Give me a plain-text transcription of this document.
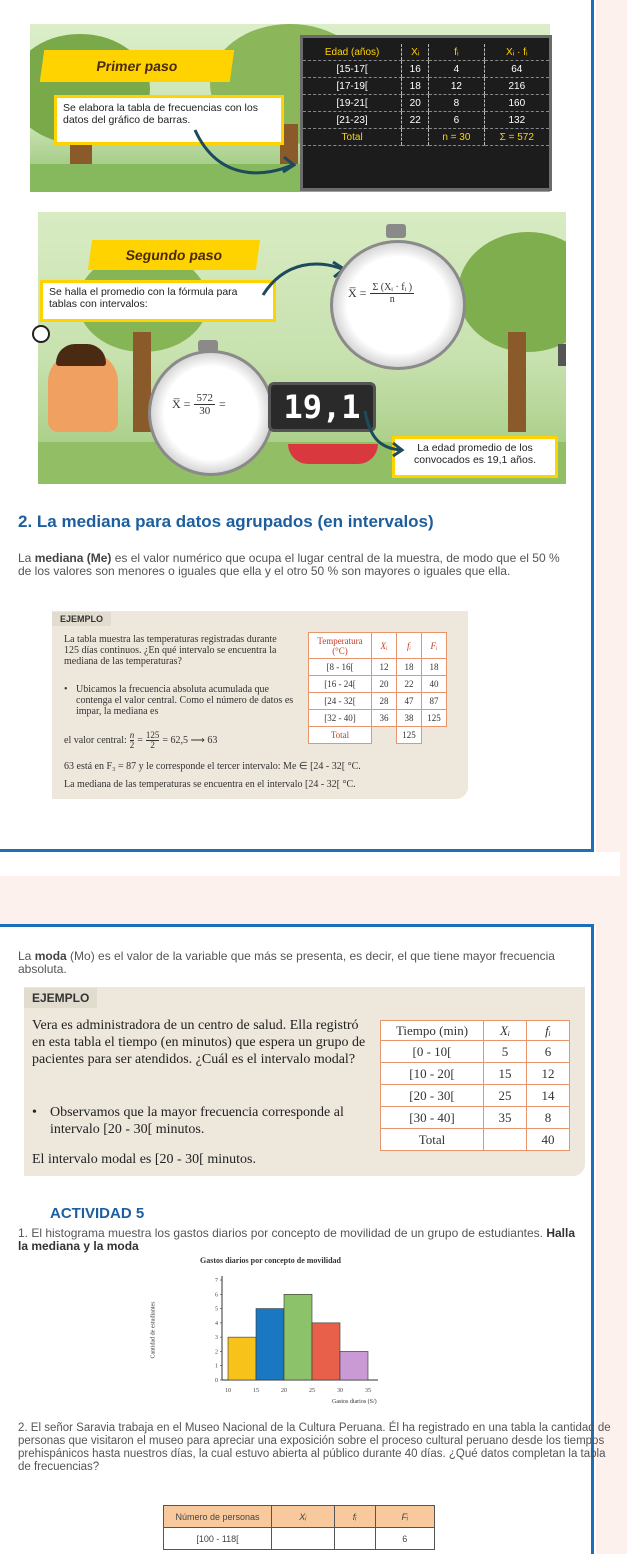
Primer paso
Se elabora la tabla de frecuencias con los datos del gráfico de barras.
Edad (años)	Xᵢ	fᵢ	Xᵢ · fᵢ
[15-17[	16	4	64
[17-19[	18	12	216
[19-21[	20	8	160
[21-23]	22	6	132
Total		n = 30	Σ = 572
Segundo paso
Se halla el promedio con la fórmula para tablas con intervalos:
X̅ = $\frac{\text{Σ (Xᵢ · fᵢ )}}{n}$
X̅ = $\frac{572}{30}$ =	19,1
La edad promedio de los convocados es 19,1 años.
2. La mediana para datos agrupados (en intervalos)
La mediana (Me) es el valor numérico que ocupa el lugar central de la muestra, de modo que el 50 % de los valores son menores o iguales que ella y el otro 50 % son mayores o iguales que ella.
EJEMPLO
La tabla muestra las temperaturas registradas durante 125 días continuos. ¿En qué intervalo se encuentra la mediana de las temperaturas?
• Ubicamos la frecuencia absoluta acumulada que contenga el valor central. Como el número de datos es impar, la mediana es
el valor central: $\frac{n}{2} = \frac{125}{2} = 62,5$ ⟶ 63
63 está en F₃ = 87 y le corresponde el tercer intervalo: Me ∈ [24 - 32[ °C.
La mediana de las temperaturas se encuentra en el intervalo [24 - 32[ °C.
Temperatura (°C)	Xᵢ	fᵢ	Fᵢ
[8 - 16[	12	18	18
[16 - 24[	20	22	40
[24 - 32[	28	47	87
[32 - 40]	36	38	125
Total		125	
La moda (Mo) es el valor de la variable que más se presenta, es decir, el que tiene mayor frecuencia absoluta.
EJEMPLO
Vera es administradora de un centro de salud. Ella registró en esta tabla el tiempo (en minutos) que espera un grupo de pacientes para ser atendidos. ¿Cuál es el intervalo modal?
• Observamos que la mayor frecuencia corresponde al intervalo [20 - 30[ minutos.
El intervalo modal es [20 - 30[ minutos.
Tiempo (min)	Xᵢ	fᵢ
[0 - 10[	5	6
[10 - 20[	15	12
[20 - 30[	25	14
[30 - 40]	35	8
Total		40
ACTIVIDAD 5
1. El histograma muestra los gastos diarios por concepto de movilidad de un grupo de estudiantes. Halla la mediana y la moda
Gastos diarios por concepto de movilidad
Cantidad de estudiantes
0
1
2
3
4
5
6
7
10	15	20	25	30	35
Gastos diarios (S/)
2. El señor Saravia trabaja en el Museo Nacional de la Cultura Peruana. Él ha registrado en una tabla la cantidad de personas que visitaron el museo para apreciar una exposición sobre el proceso cultural peruano desde los tiempos prehispánicos hasta nuestros días, la cual estuvo abierta al público durante 40 días. ¿Qué datos completan la tabla de frecuencias?
Número de personas	Xᵢ	fᵢ	Fᵢ
[100 - 118[			6
